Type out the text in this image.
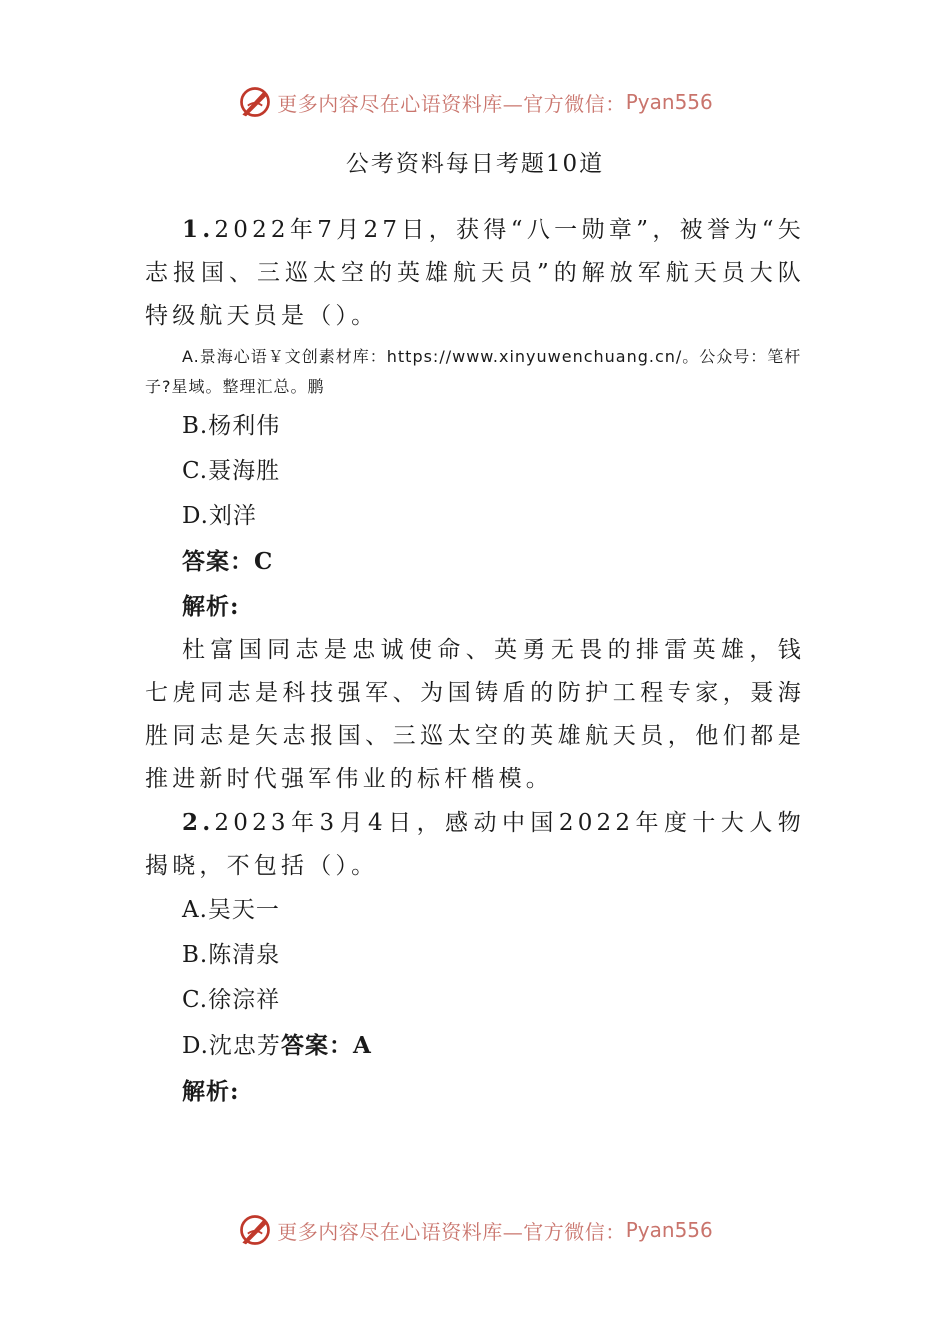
更多内容尽在心语资料库—官方微信： Pyan556
公考资料每日考题10道

1.2022年7月27日，获得“八一勋章”，被誉为“矢志报国、三巡太空的英雄航天员”的解放军航天员大队特级航天员是（）。

A.景海心语￥文创素材库：https://www.xinyuwenchuang.cn/。公众号：笔杆子?星域。整理汇总。鹏

B.杨利伟

C.聂海胜

D.刘洋

答案：C

解析:

杜富国同志是忠诚使命、英勇无畏的排雷英雄，钱七虎同志是科技强军、为国铸盾的防护工程专家，聂海胜同志是矢志报国、三巡太空的英雄航天员，他们都是推进新时代强军伟业的标杆楷模。

2.2023年3月4日，感动中国2022年度十大人物揭晓，不包括（）。

A.吴天一

B.陈清泉

C.徐淙祥

D.沈忠芳答案：A

解析:

更多内容尽在心语资料库—官方微信： Pyan556
